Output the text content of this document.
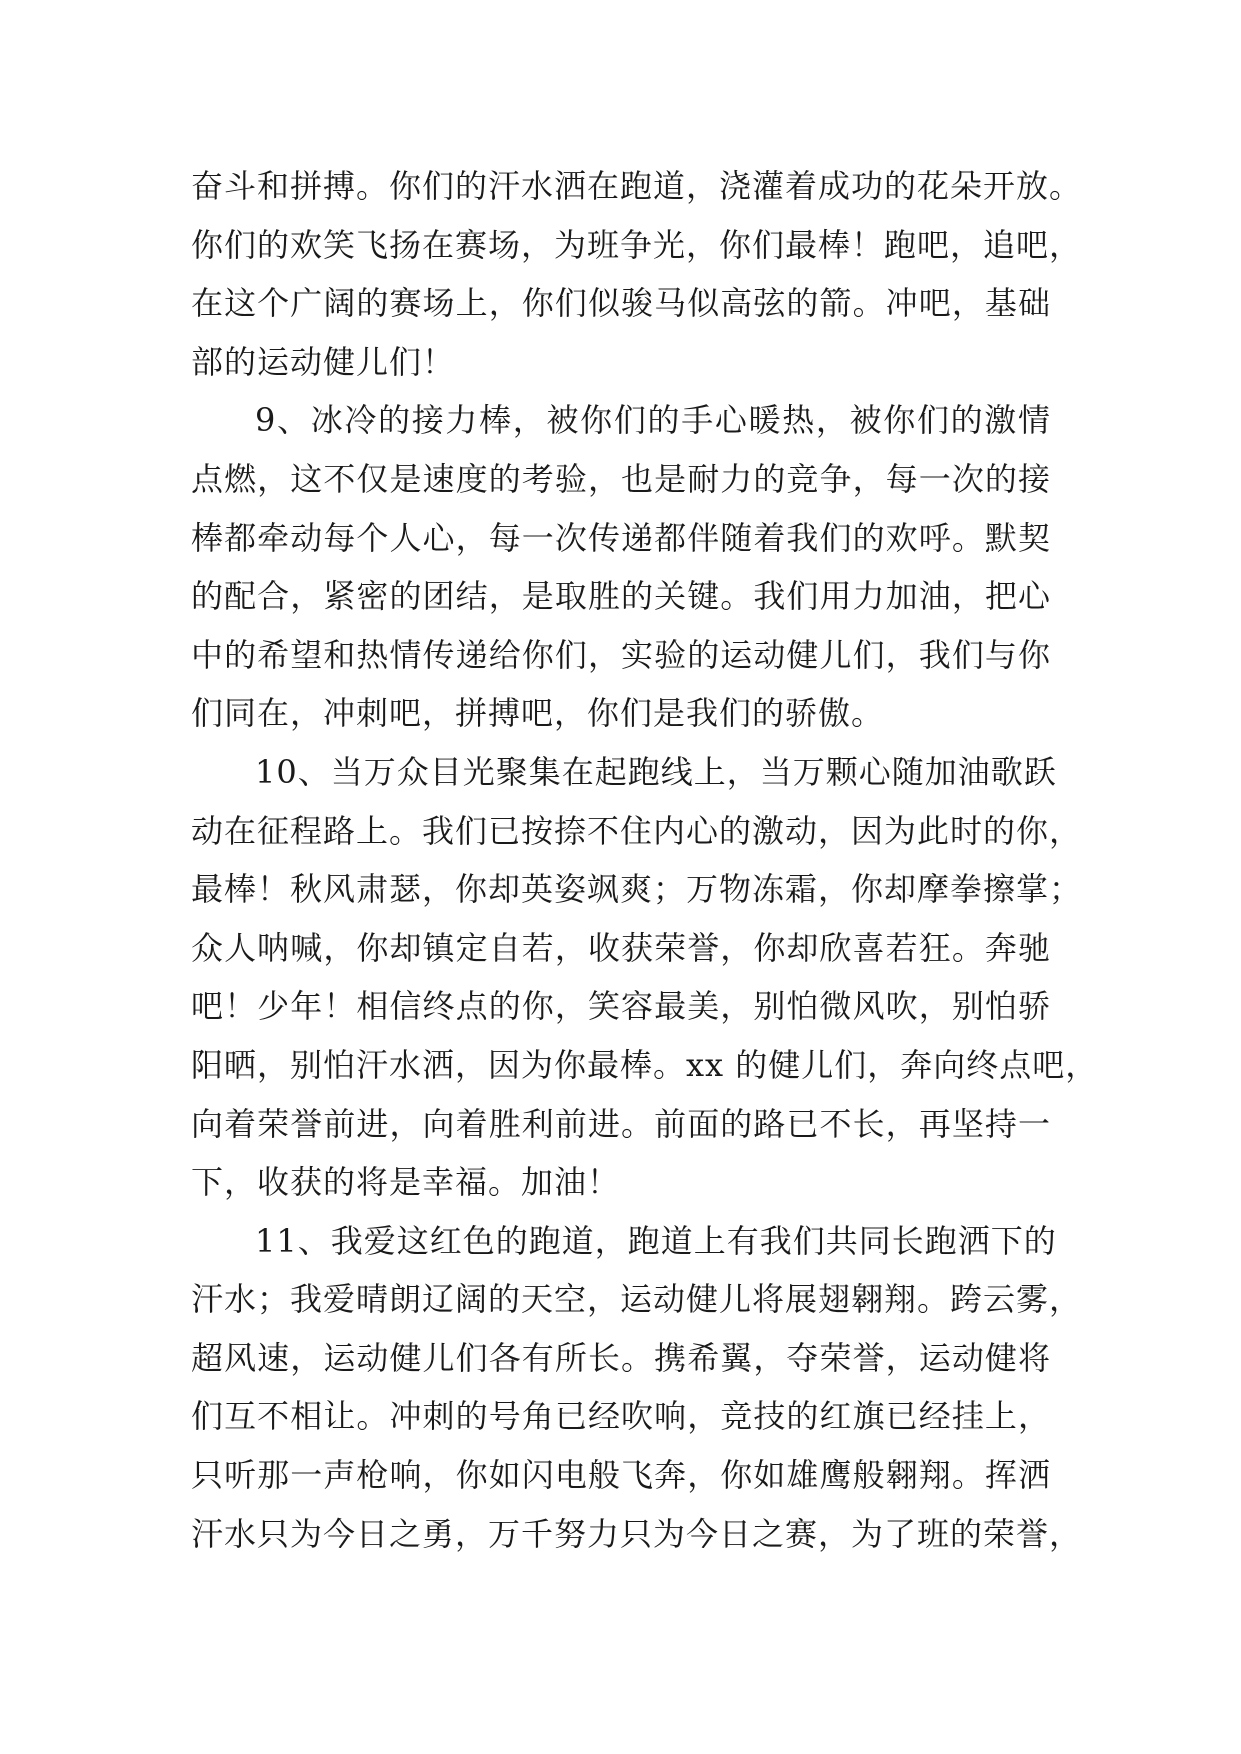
奋斗和拼搏。你们的汗水洒在跑道，浇灌着成功的花朵开放。
你们的欢笑飞扬在赛场，为班争光，你们最棒！跑吧，追吧，
在这个广阔的赛场上，你们似骏马似高弦的箭。冲吧，基础
部的运动健儿们！
9、冰冷的接力棒，被你们的手心暖热，被你们的激情
点燃，这不仅是速度的考验，也是耐力的竞争，每一次的接
棒都牵动每个人心，每一次传递都伴随着我们的欢呼。默契
的配合，紧密的团结，是取胜的关键。我们用力加油，把心
中的希望和热情传递给你们，实验的运动健儿们，我们与你
们同在，冲刺吧，拼搏吧，你们是我们的骄傲。
10、当万众目光聚集在起跑线上，当万颗心随加油歌跃
动在征程路上。我们已按捺不住内心的激动，因为此时的你，
最棒！秋风肃瑟，你却英姿飒爽；万物冻霜，你却摩拳擦掌；
众人呐喊，你却镇定自若，收获荣誉，你却欣喜若狂。奔驰
吧！少年！相信终点的你，笑容最美，别怕微风吹，别怕骄
阳晒，别怕汗水洒，因为你最棒。xx 的健儿们，奔向终点吧，
向着荣誉前进，向着胜利前进。前面的路已不长，再坚持一
下，收获的将是幸福。加油！
11、我爱这红色的跑道，跑道上有我们共同长跑洒下的
汗水；我爱晴朗辽阔的天空，运动健儿将展翅翱翔。跨云雾，
超风速，运动健儿们各有所长。携希翼，夺荣誉，运动健将
们互不相让。冲刺的号角已经吹响，竞技的红旗已经挂上，
只听那一声枪响，你如闪电般飞奔，你如雄鹰般翱翔。挥洒
汗水只为今日之勇，万千努力只为今日之赛，为了班的荣誉，
